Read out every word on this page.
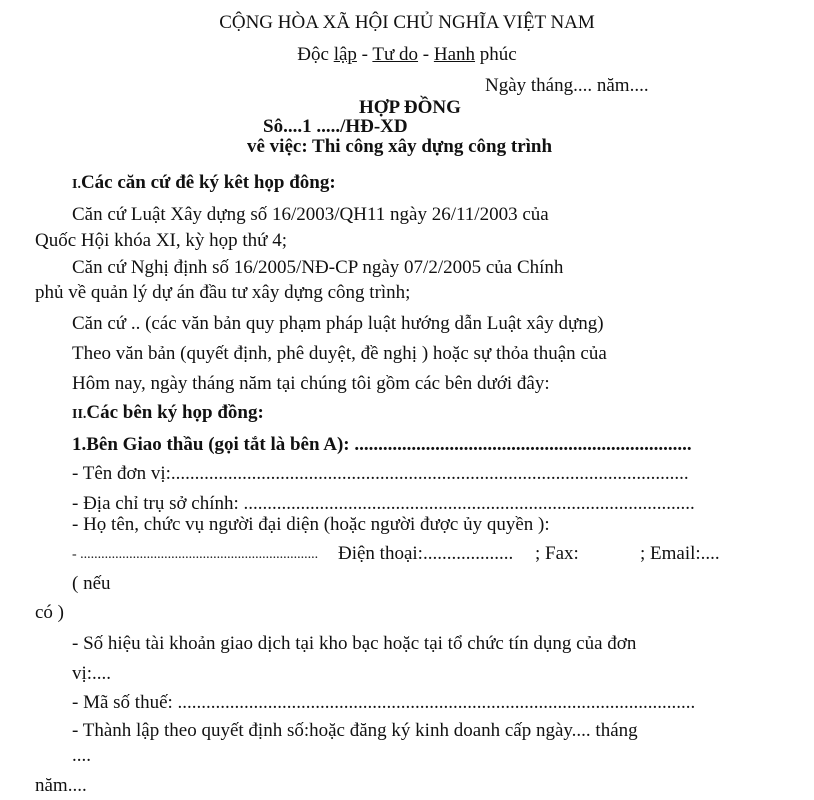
CỘNG HÒA XÃ HỘI CHỦ NGHĨA VIỆT NAM
Độc lập - Tư do - Hanh phúc
Ngày tháng.... năm....
HỢP ĐỒNG
Sô....1 ...../HĐ-XD
vê việc: Thi công xây dựng công trình
I.Các căn cứ đê ký kêt họp đông:
Căn cứ Luật Xây dựng số 16/2003/QH11 ngày 26/11/2003 của
Quốc Hội khóa XI, kỳ họp thứ 4;
Căn cứ Nghị định số 16/2005/NĐ-CP ngày 07/2/2005 của Chính
phủ về quản lý dự án đầu tư xây dựng công trình;
Căn cứ .. (các văn bản quy phạm pháp luật hướng dẫn Luật xây dựng)
Theo văn bản (quyết định, phê duyệt, đề nghị ) hoặc sự thỏa thuận của
Hôm nay, ngày tháng năm tại chúng tôi gồm các bên dưới đây:
II.Các bên ký họp đồng:
1.Bên Giao thầu (gọi tắt là bên A): .......................................................................
- Tên đơn vị:.............................................................................................................
- Địa chỉ trụ sở chính: ...............................................................................................
- Họ tên, chức vụ người đại diện (hoặc người được ủy quyền ):
- .................................................................... Điện thoại:................... ; Fax:	; Email:....
( nếu
có )
- Số hiệu tài khoản giao dịch tại kho bạc hoặc tại tổ chức tín dụng của đơn
vị:....
- Mã số thuế: .............................................................................................................
- Thành lập theo quyết định số:hoặc đăng ký kinh doanh cấp ngày.... tháng
....
năm....
